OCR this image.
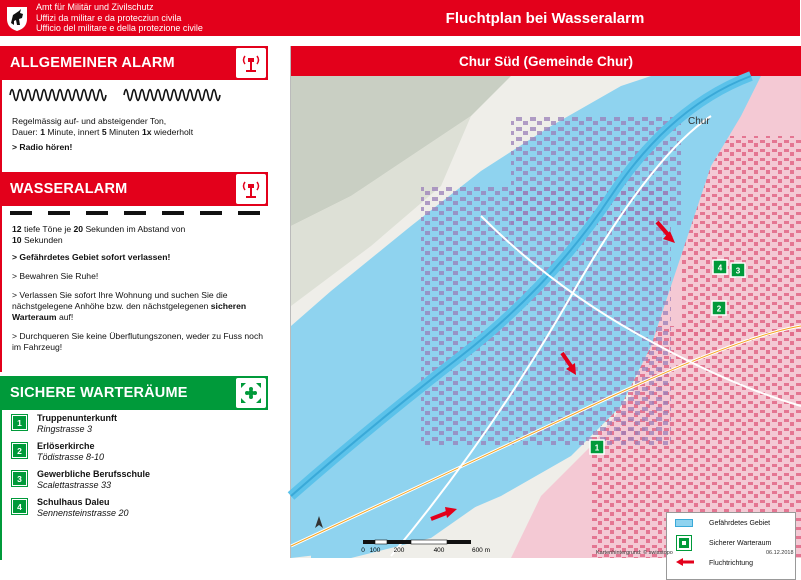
Amt für Militär und Zivilschutz
Uffizi da militar e da protecziun civila
Ufficio del militare e della protezione civile
Fluchtplan bei Wasseralarm
ALLGEMEINER ALARM
Regelmässig auf- und absteigender Ton,
Dauer: 1 Minute, innert 5 Minuten 1x wiederholt
> Radio hören!
WASSERALARM
12 tiefe Töne je 20 Sekunden im Abstand von
10 Sekunden
> Gefährdetes Gebiet sofort verlassen!
> Bewahren Sie Ruhe!
> Verlassen Sie sofort Ihre Wohnung und suchen Sie die nächstgelegene Anhöhe bzw. den nächstgelegenen sicheren Warteraum auf!
> Durchqueren Sie keine Überflutungszonen, weder zu Fuss noch im Fahrzeug!
SICHERE WARTERÄUME
1	Truppenunterkunft
Ringstrasse 3
2	Erlöserkirche
Tödistrasse 8-10
3	Gewerbliche Berufsschule
Scalettastrasse 33
4	Schulhaus Daleu
Sennensteinstrasse 20
Chur Süd (Gemeinde Chur)
Chur
4 3
2
1
0 100 200	400	600 m
Gefährdetes Gebiet
Sicherer Warteraum
Fluchtrichtung
Kartenhintergrund: © swisstopo	06.12.2018
